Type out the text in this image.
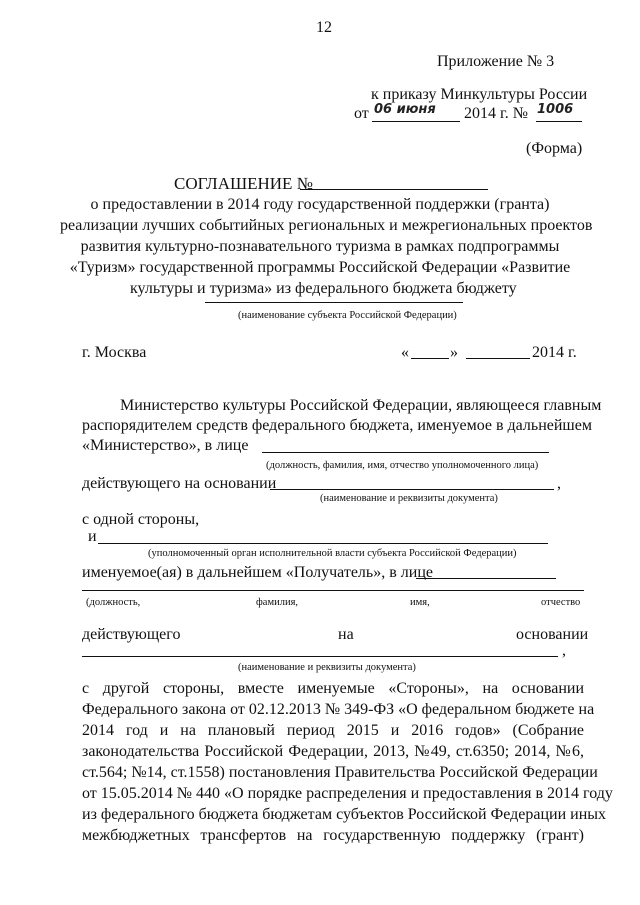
12
Приложение № 3
к приказу Минкультуры России
от 06 июня 2014 г. № 1006
(Форма)
СОГЛАШЕНИЕ №
о предоставлении в 2014 году государственной поддержки (гранта)
реализации лучших событийных региональных и межрегиональных проектов
развития культурно-познавательного туризма в рамках подпрограммы
«Туризм» государственной программы Российской Федерации «Развитие
культуры и туризма» из федерального бюджета бюджету
(наименование субъекта Российской Федерации)
г. Москва	«	»	2014 г.
Министерство культуры Российской Федерации, являющееся главным
распорядителем средств федерального бюджета, именуемое в дальнейшем
«Министерство», в лице
(должность, фамилия, имя, отчество уполномоченного лица)
действующего на основании	,
(наименование и реквизиты документа)
с одной стороны,
и
(уполномоченный орган исполнительной власти субъекта Российской Федерации)
именуемое(ая) в дальнейшем «Получатель», в лице
(должность,	фамилия,	имя,	отчество
действующего	на	основании
,
(наименование и реквизиты документа)
с другой стороны, вместе именуемые «Стороны», на основании
Федерального закона от 02.12.2013 № 349-ФЗ «О федеральном бюджете на
2014 год и на плановый период 2015 и 2016 годов» (Собрание
законодательства Российской Федерации, 2013, №49, ст.6350; 2014, №6,
ст.564; №14, ст.1558) постановления Правительства Российской Федерации
от 15.05.2014 № 440 «О порядке распределения и предоставления в 2014 году
из федерального бюджета бюджетам субъектов Российской Федерации иных
межбюджетных трансфертов на государственную поддержку (грант)
